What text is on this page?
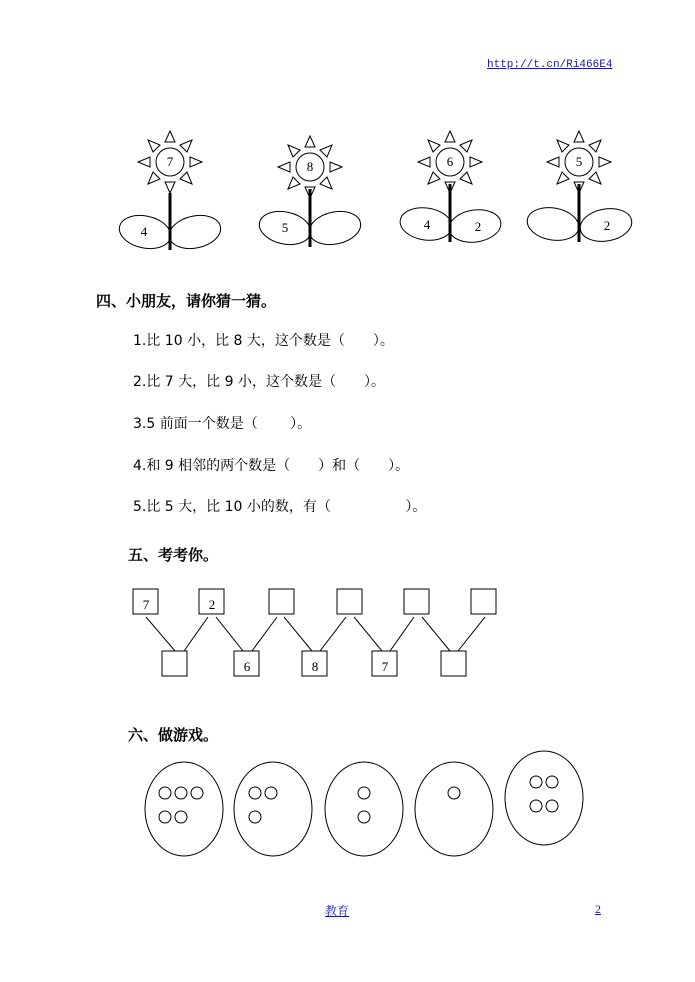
http://t.cn/Ri466E4
7
4
8
5
6
4	2
5
2
四、小朋友，请你猜一猜。
1.比 10 小，比 8 大，这个数是（　　）。
2.比 7 大，比 9 小，这个数是（　　）。
3.5 前面一个数是（　　 ）。
4.和 9 相邻的两个数是（　　）和（　　）。
5.比 5 大，比 10 小的数，有（　　　　　 ）。
五、考考你。
7	2
6	8	7
六、做游戏。
教育	2
